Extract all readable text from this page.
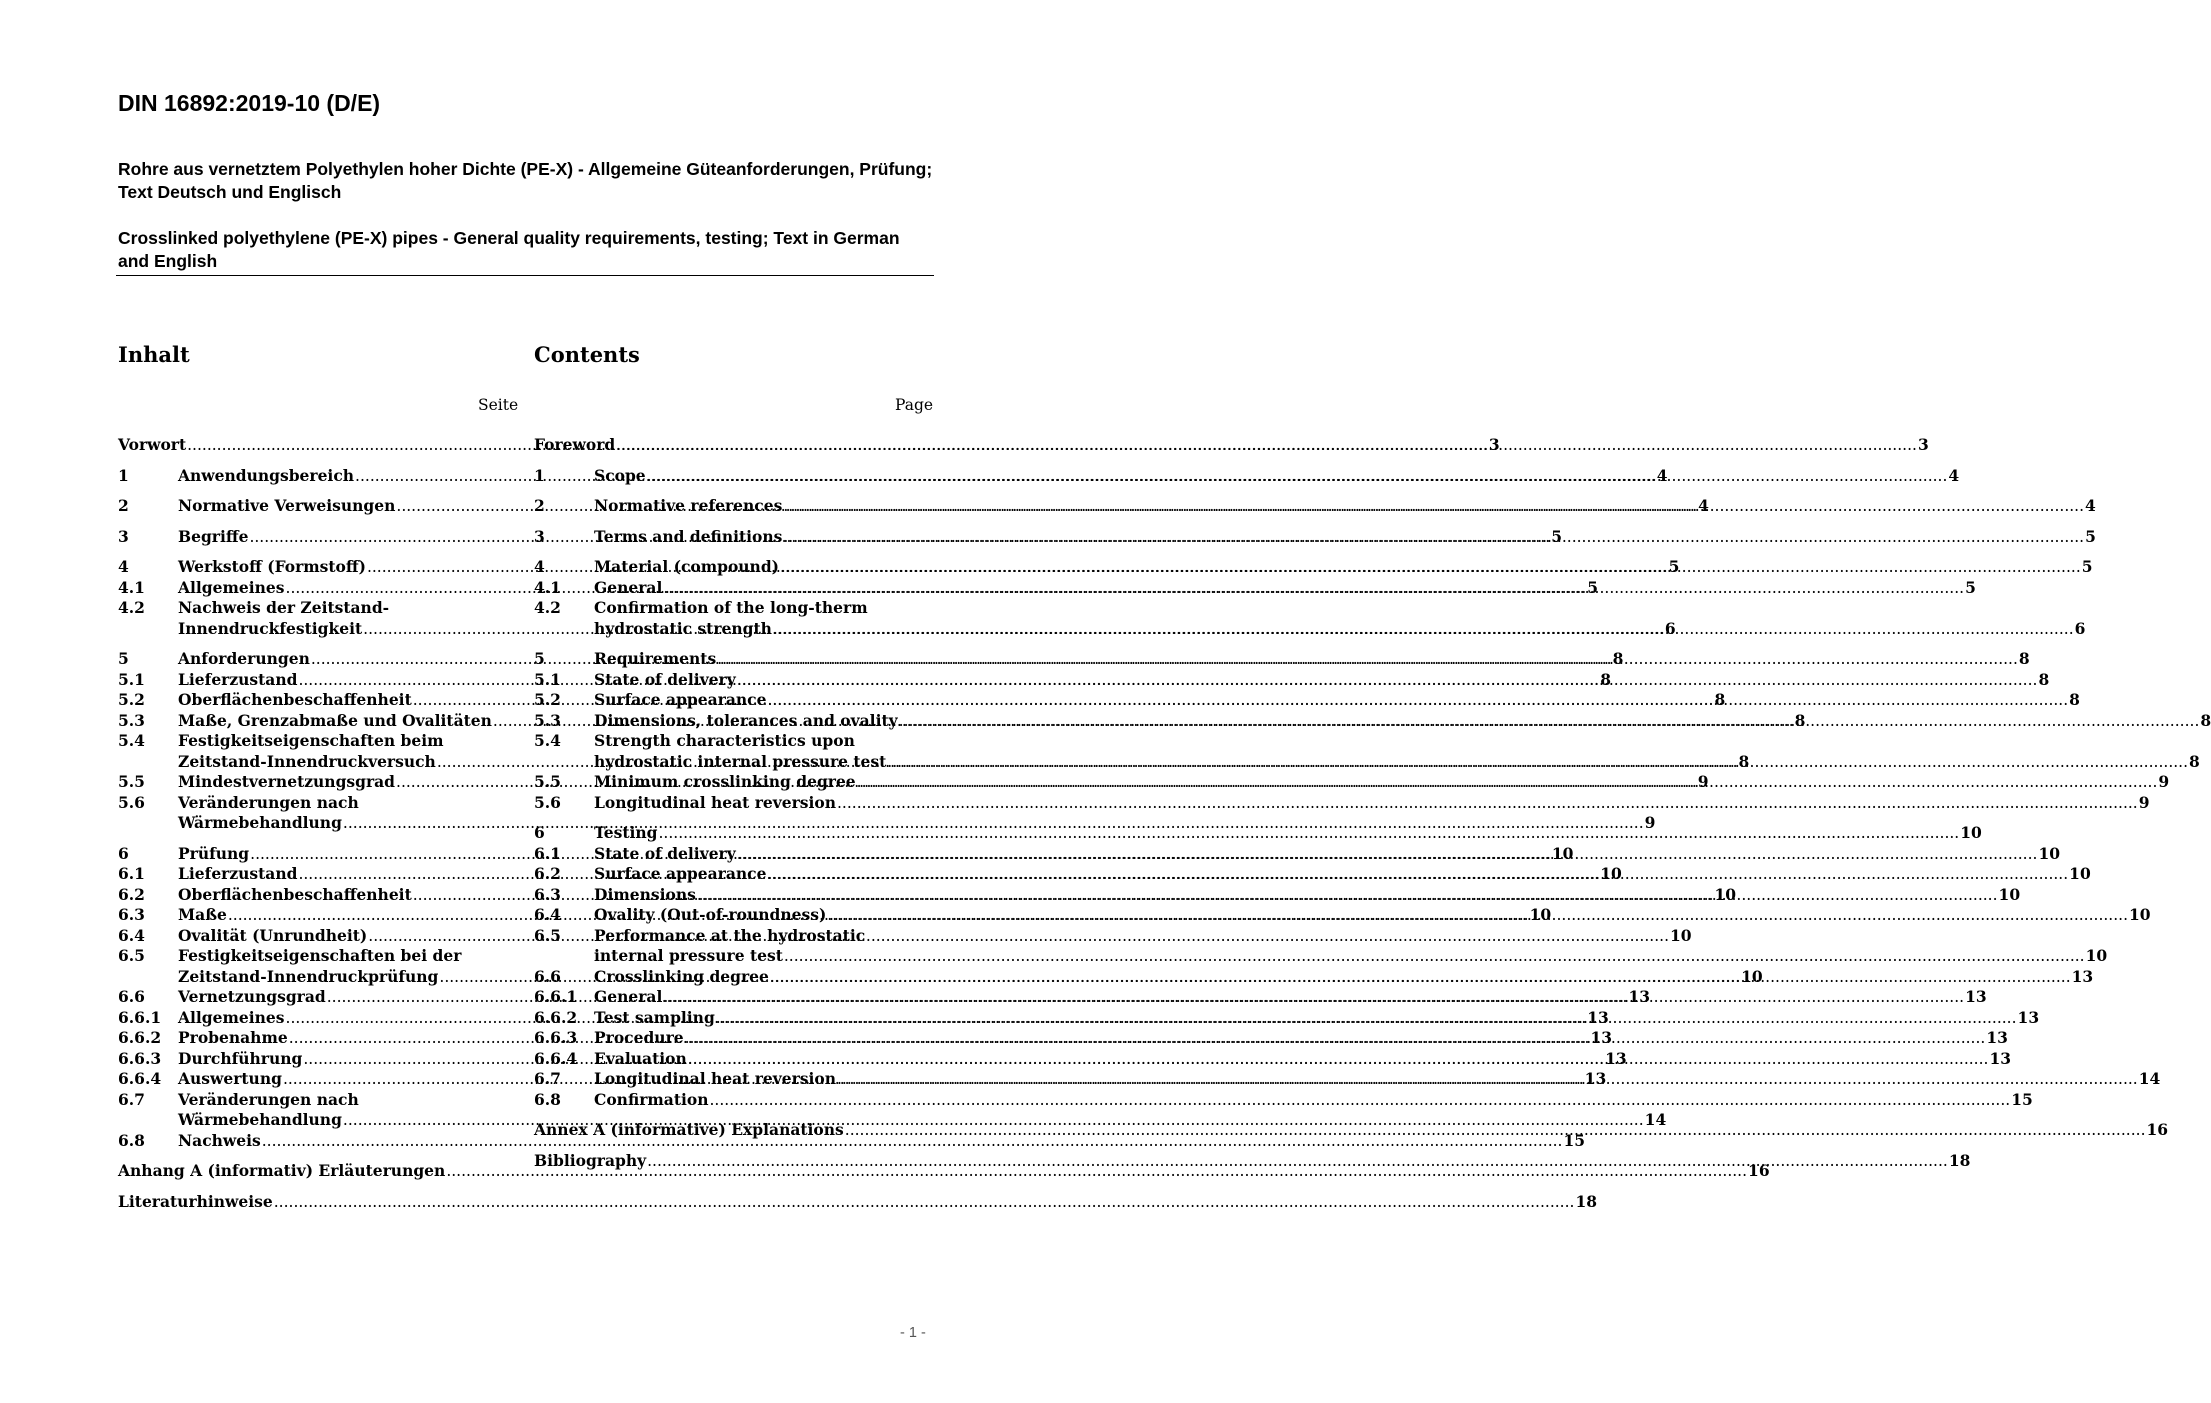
DIN 16892:2019-10 (D/E)
Rohre aus vernetztem Polyethylen hoher Dichte (PE-X) - Allgemeine Güteanforderungen, Prüfung; Text Deutsch und Englisch
Crosslinked polyethylene (PE-X) pipes - General quality requirements, testing; Text in German and English
Inhalt	Contents
Seite	Page
Vorwort .....	3
1	Anwendungsbereich .....	4
2	Normative Verweisungen .....	4
3	Begriffe .....	5
4	Werkstoff (Formstoff) .....	5
4.1 Allgemeines .....	5
4.2 Nachweis der Zeitstand-
Innendruckfestigkeit .....	6
5	Anforderungen .....	8
5.1 Lieferzustand .....	8
5.2 Oberflächenbeschaffenheit .....	8
5.3 Maße, Grenzabmaße und Ovalitäten .....	8
5.4 Festigkeitseigenschaften beim
Zeitstand-Innendruckversuch .....	8
5.5 Mindestvernetzungsgrad .....	9
5.6 Veränderungen nach
Wärmebehandlung .....	9
6	Prüfung .....	10
6.1 Lieferzustand .....	10
6.2 Oberflächenbeschaffenheit .....	10
6.3 Maße .....	10
6.4 Ovalität (Unrundheit) .....	10
6.5 Festigkeitseigenschaften bei der
Zeitstand-Innendruckprüfung .....	10
6.6 Vernetzungsgrad .....	13
6.6.1 Allgemeines .....	13
6.6.2 Probenahme .....	13
6.6.3 Durchführung .....	13
6.6.4 Auswertung .....	13
6.7 Veränderungen nach
Wärmebehandlung .....	14
6.8 Nachweis .....	15
Anhang A (informativ) Erläuterungen .....	16
Literaturhinweise .....	18
Foreword .....	3
1	Scope .....	4
2	Normative references .....	4
3	Terms and definitions .....	5
4	Material (compound) .....	5
4.1 General .....	5
4.2 Confirmation of the long-therm
hydrostatic strength .....	6
5	Requirements .....	8
5.1 State of delivery .....	8
5.2 Surface appearance .....	8
5.3 Dimensions, tolerances and ovality .....	8
5.4 Strength characteristics upon
hydrostatic internal pressure test .....	8
5.5 Minimum crosslinking degree .....	9
5.6 Longitudinal heat reversion .....	9
6	Testing .....	10
6.1 State of delivery .....	10
6.2 Surface appearance .....	10
6.3 Dimensions .....	10
6.4 Ovality (Out-of-roundness) .....	10
6.5 Performance at the hydrostatic
internal pressure test .....	10
6.6 Crosslinking degree .....	13
6.6.1 General .....	13
6.6.2 Test sampling .....	13
6.6.3 Procedure .....	13
6.6.4 Evaluation .....	13
6.7 Longitudinal heat reversion .....	14
6.8 Confirmation .....	15
Annex A (informative) Explanations .....	16
Bibliography .....	18
- 1 -
